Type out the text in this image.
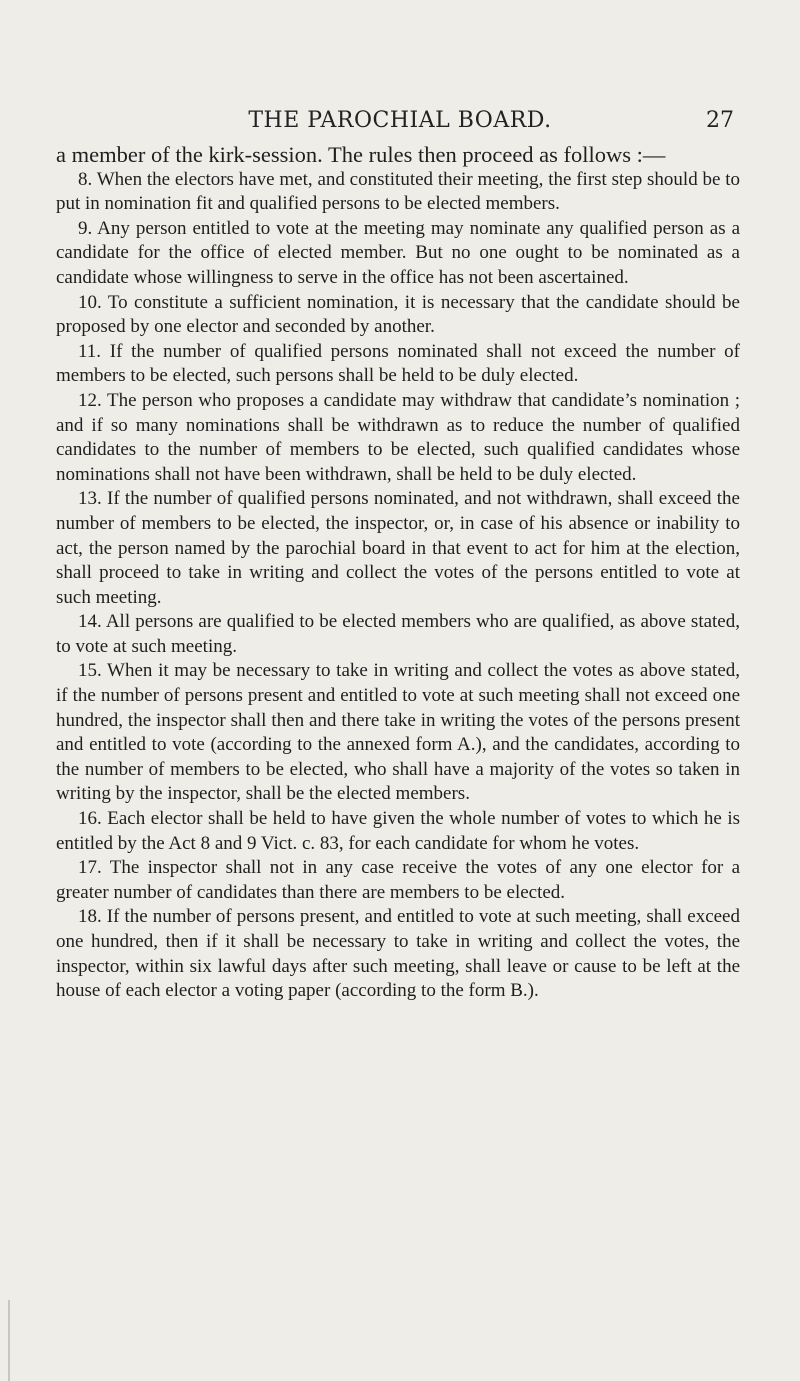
THE PAROCHIAL BOARD.	27

a member of the kirk-session. The rules then proceed as follows :—

8. When the electors have met, and constituted their meeting, the first step should be to put in nomination fit and qualified persons to be elected members.

9. Any person entitled to vote at the meeting may nominate any qualified person as a candidate for the office of elected member. But no one ought to be nominated as a candidate whose willingness to serve in the office has not been ascertained.

10. To constitute a sufficient nomination, it is necessary that the candidate should be proposed by one elector and seconded by another.

11. If the number of qualified persons nominated shall not exceed the number of members to be elected, such persons shall be held to be duly elected.

12. The person who proposes a candidate may withdraw that candidate’s nomination ; and if so many nominations shall be withdrawn as to reduce the number of qualified candidates to the number of members to be elected, such qualified candidates whose nominations shall not have been withdrawn, shall be held to be duly elected.

13. If the number of qualified persons nominated, and not withdrawn, shall exceed the number of members to be elected, the inspector, or, in case of his absence or inability to act, the person named by the parochial board in that event to act for him at the election, shall proceed to take in writing and collect the votes of the persons entitled to vote at such meeting.

14. All persons are qualified to be elected members who are qualified, as above stated, to vote at such meeting.

15. When it may be necessary to take in writing and collect the votes as above stated, if the number of persons present and entitled to vote at such meeting shall not exceed one hundred, the inspector shall then and there take in writing the votes of the persons present and entitled to vote (according to the annexed form A.), and the candidates, according to the number of members to be elected, who shall have a majority of the votes so taken in writing by the inspector, shall be the elected members.

16. Each elector shall be held to have given the whole number of votes to which he is entitled by the Act 8 and 9 Vict. c. 83, for each candidate for whom he votes.

17. The inspector shall not in any case receive the votes of any one elector for a greater number of candidates than there are members to be elected.

18. If the number of persons present, and entitled to vote at such meeting, shall exceed one hundred, then if it shall be necessary to take in writing and collect the votes, the inspector, within six lawful days after such meeting, shall leave or cause to be left at the house of each elector a voting paper (according to the form B.).
